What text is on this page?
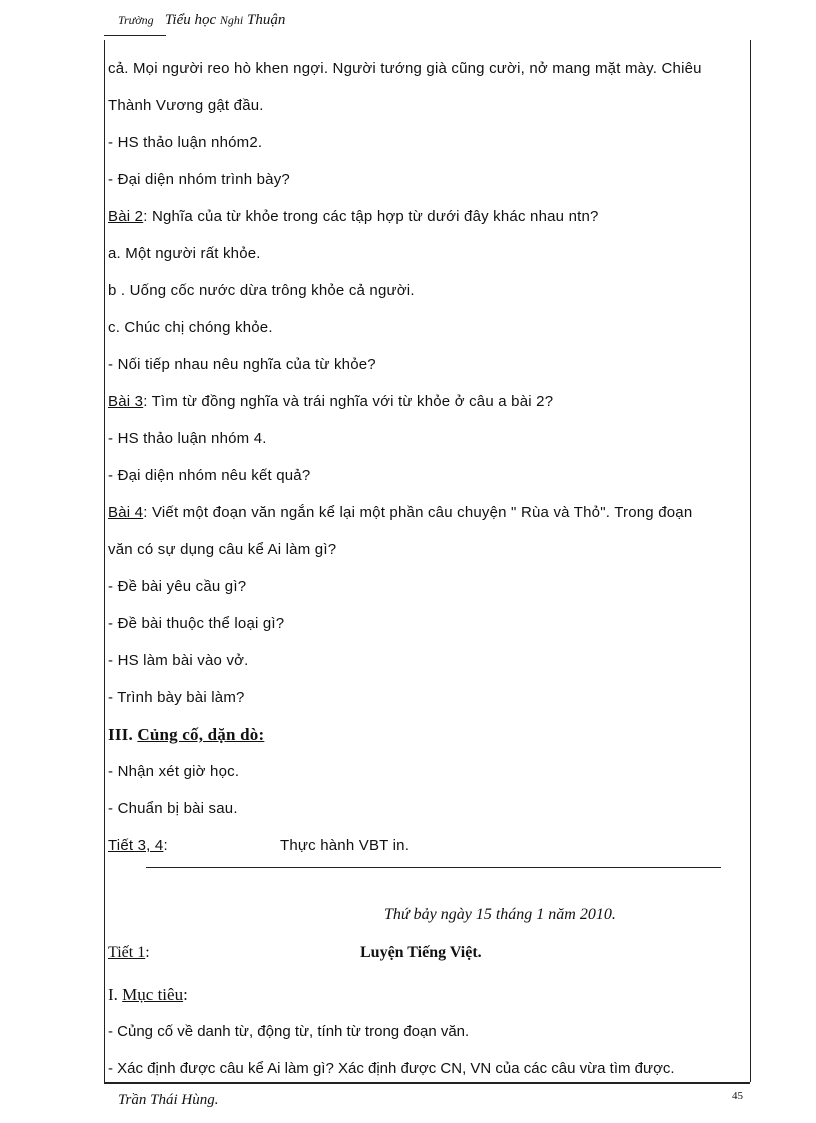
Trường Tiểu học Nghi Thuận
cả. Mọi người reo hò khen ngợi. Người tướng già cũng cười, nở mang mặt mày. Chiêu
Thành Vương gật đầu.
- HS thảo luận nhóm2.
- Đại diện nhóm trình bày?
Bài 2: Nghĩa của từ khỏe trong các tập hợp từ dưới đây khác nhau ntn?
a. Một người rất khỏe.
b . Uống cốc nước dừa trông khỏe cả người.
c. Chúc chị chóng khỏe.
- Nối tiếp nhau nêu nghĩa của từ khỏe?
Bài 3: Tìm từ đồng nghĩa và trái nghĩa với từ khỏe ở câu a bài 2?
- HS thảo luận nhóm 4.
- Đại diện nhóm nêu kết quả?
Bài 4: Viết một đoạn văn ngắn kể lại một phần câu chuyện " Rùa và Thỏ". Trong đoạn
văn có sự dụng câu kể Ai làm gì?
- Đề bài yêu cầu gì?
- Đề bài thuộc thể loại gì?
- HS làm bài vào vở.
- Trình bày bài làm?
III. Củng cố, dặn dò:
- Nhận xét giờ học.
- Chuẩn bị bài sau.
Tiết 3, 4:	Thực hành VBT in.
Thứ bảy ngày 15 tháng 1 năm 2010.
Tiết 1:	Luyện Tiếng Việt.
I. Mục tiêu:
- Củng cố về danh từ, động từ, tính từ trong đoạn văn.
- Xác định được câu kể Ai làm gì? Xác định được CN, VN của các câu vừa tìm được.
Trần Thái Hùng.	45
